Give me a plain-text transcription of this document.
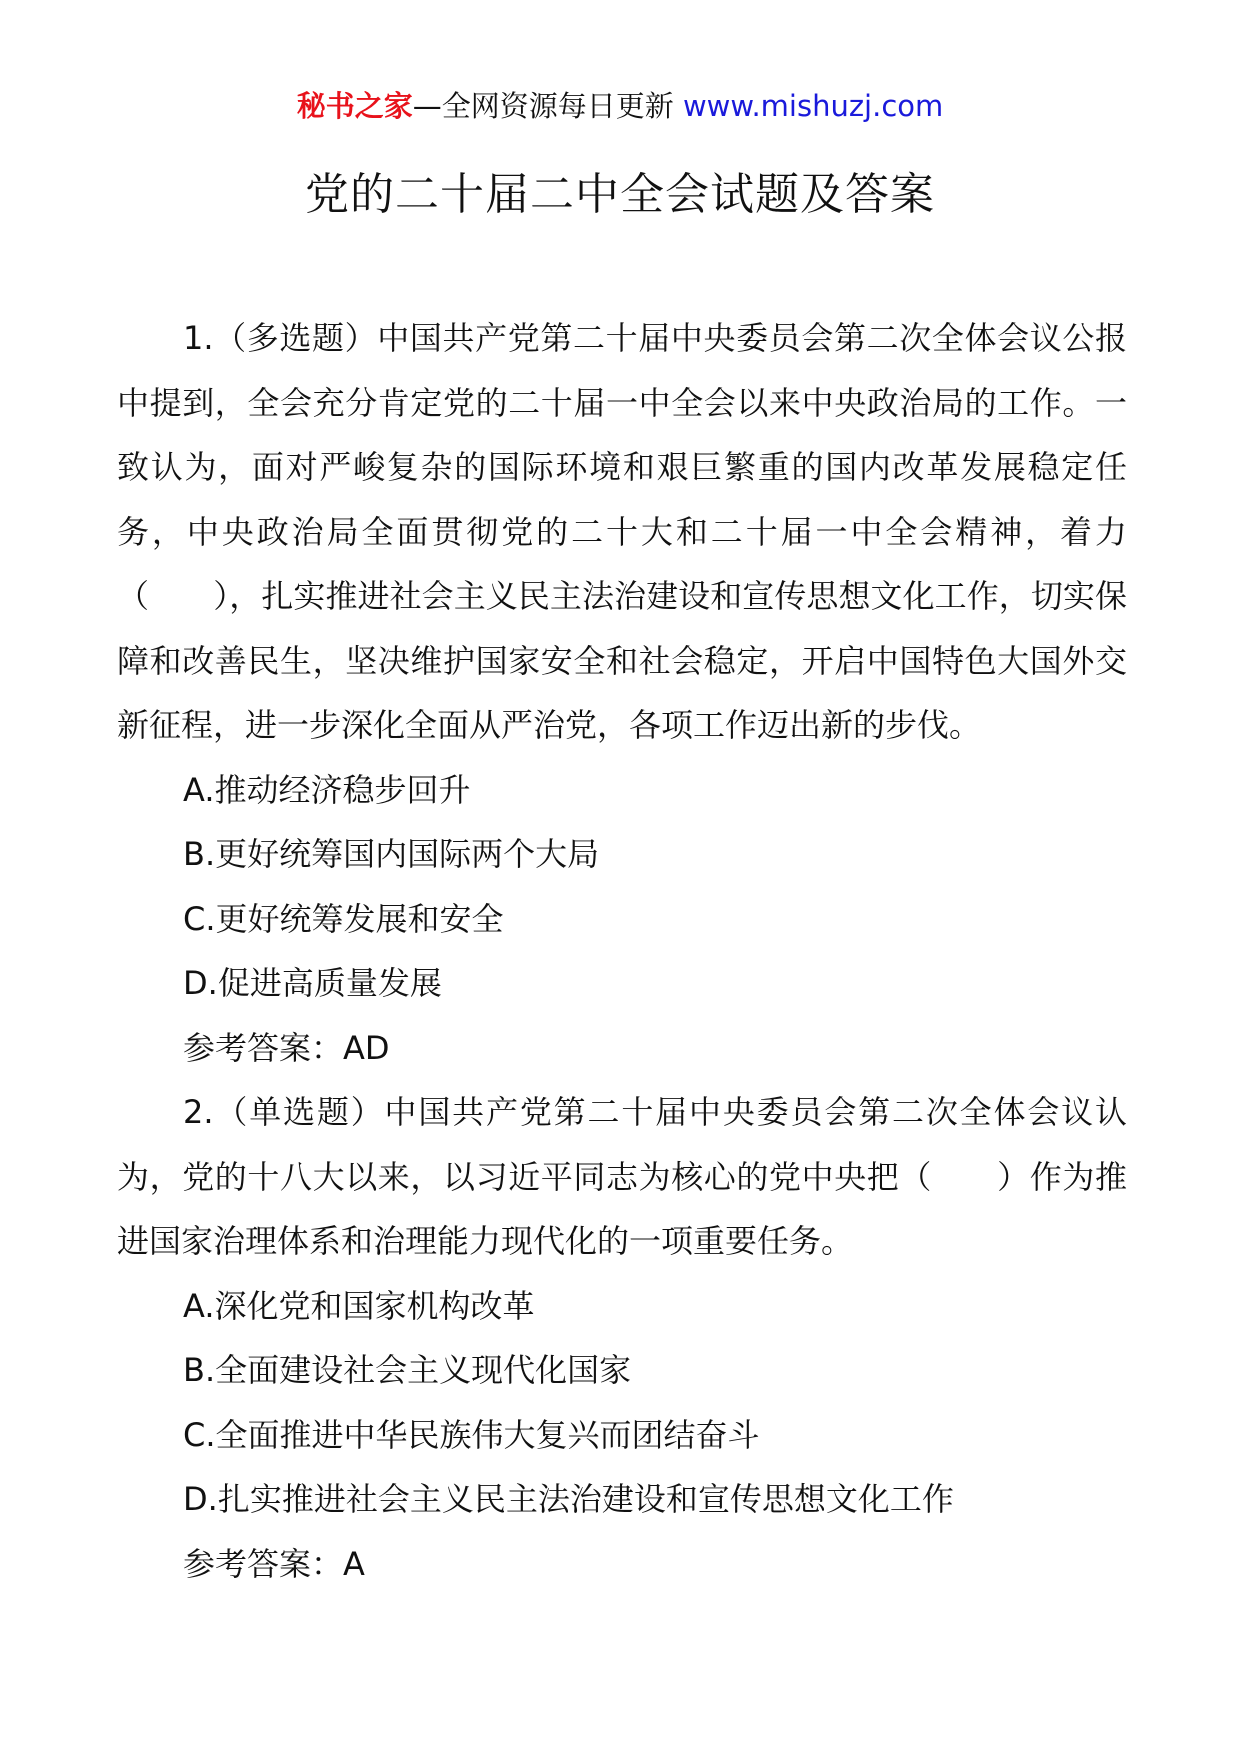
秘书之家—全网资源每日更新 www.mishuzj.com
党的二十届二中全会试题及答案

1.（多选题）中国共产党第二十届中央委员会第二次全体会议公报中提到，全会充分肯定党的二十届一中全会以来中央政治局的工作。一致认为，面对严峻复杂的国际环境和艰巨繁重的国内改革发展稳定任务，中央政治局全面贯彻党的二十大和二十届一中全会精神，着力（　　），扎实推进社会主义民主法治建设和宣传思想文化工作，切实保障和改善民生，坚决维护国家安全和社会稳定，开启中国特色大国外交新征程，进一步深化全面从严治党，各项工作迈出新的步伐。

A.推动经济稳步回升

B.更好统筹国内国际两个大局

C.更好统筹发展和安全

D.促进高质量发展

参考答案：AD

2.（单选题）中国共产党第二十届中央委员会第二次全体会议认为，党的十八大以来，以习近平同志为核心的党中央把（　　）作为推进国家治理体系和治理能力现代化的一项重要任务。

A.深化党和国家机构改革

B.全面建设社会主义现代化国家

C.全面推进中华民族伟大复兴而团结奋斗

D.扎实推进社会主义民主法治建设和宣传思想文化工作

参考答案：A
